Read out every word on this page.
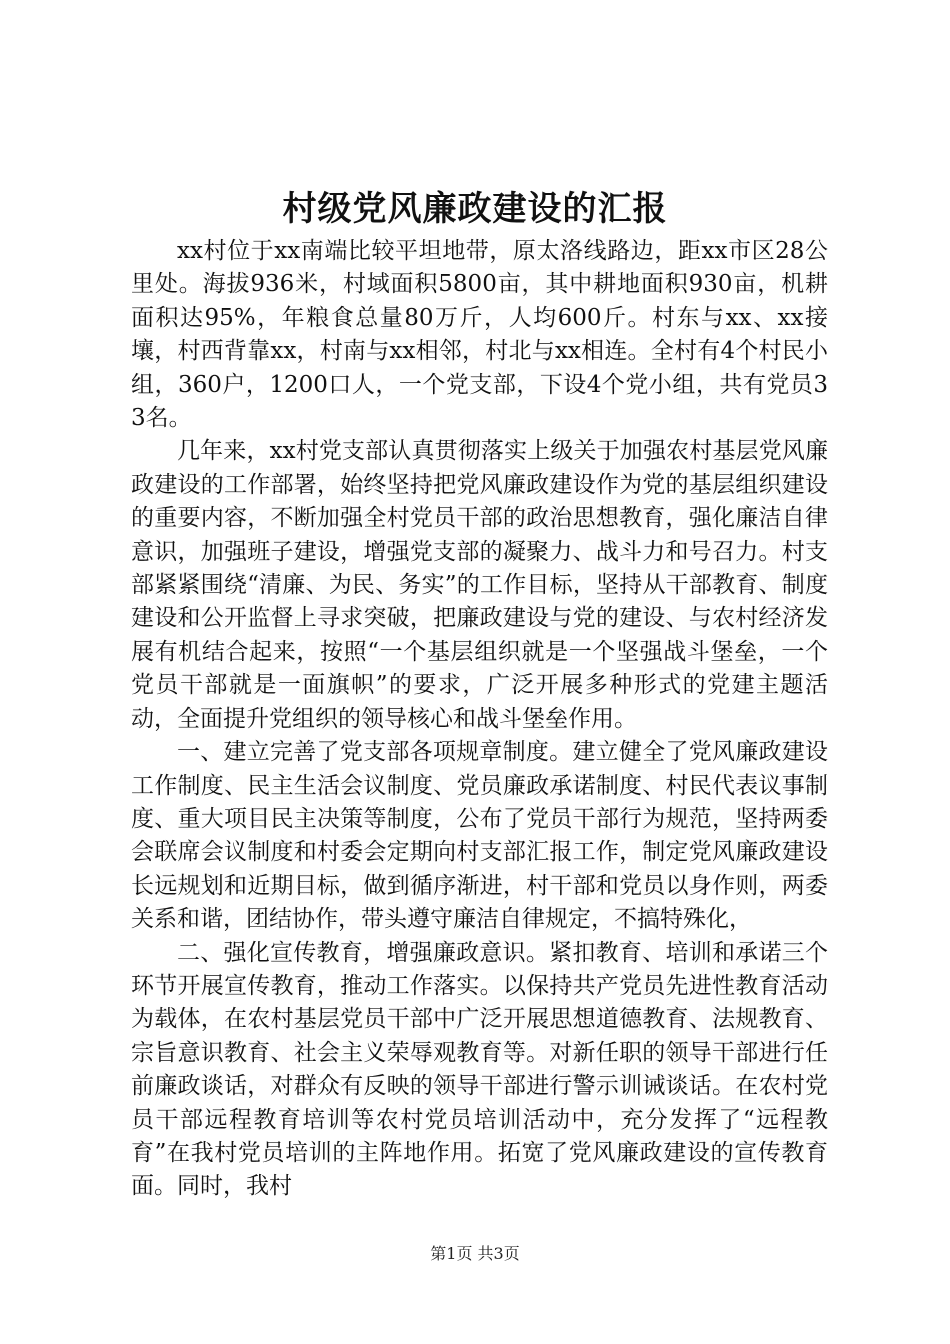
村级党风廉政建设的汇报

xx村位于xx南端比较平坦地带，原太洛线路边，距xx市区28公里处。海拔936米，村域面积5800亩，其中耕地面积930亩，机耕面积达95%，年粮食总量80万斤，人均600斤。村东与xx、xx接壤，村西背靠xx，村南与xx相邻，村北与xx相连。全村有4个村民小组，360户，1200口人，一个党支部，下设4个党小组，共有党员33名。

几年来，xx村党支部认真贯彻落实上级关于加强农村基层党风廉政建设的工作部署，始终坚持把党风廉政建设作为党的基层组织建设的重要内容，不断加强全村党员干部的政治思想教育，强化廉洁自律意识，加强班子建设，增强党支部的凝聚力、战斗力和号召力。村支部紧紧围绕“清廉、为民、务实”的工作目标，坚持从干部教育、制度建设和公开监督上寻求突破，把廉政建设与党的建设、与农村经济发展有机结合起来，按照“一个基层组织就是一个坚强战斗堡垒，一个党员干部就是一面旗帜”的要求，广泛开展多种形式的党建主题活动，全面提升党组织的领导核心和战斗堡垒作用。

一、建立完善了党支部各项规章制度。建立健全了党风廉政建设工作制度、民主生活会议制度、党员廉政承诺制度、村民代表议事制度、重大项目民主决策等制度，公布了党员干部行为规范，坚持两委会联席会议制度和村委会定期向村支部汇报工作，制定党风廉政建设长远规划和近期目标，做到循序渐进，村干部和党员以身作则，两委关系和谐，团结协作，带头遵守廉洁自律规定，不搞特殊化，

二、强化宣传教育，增强廉政意识。紧扣教育、培训和承诺三个环节开展宣传教育，推动工作落实。以保持共产党员先进性教育活动为载体，在农村基层党员干部中广泛开展思想道德教育、法规教育、宗旨意识教育、社会主义荣辱观教育等。对新任职的领导干部进行任前廉政谈话，对群众有反映的领导干部进行警示训诫谈话。在农村党员干部远程教育培训等农村党员培训活动中，充分发挥了“远程教育”在我村党员培训的主阵地作用。拓宽了党风廉政建设的宣传教育面。同时，我村

第1页 共3页
